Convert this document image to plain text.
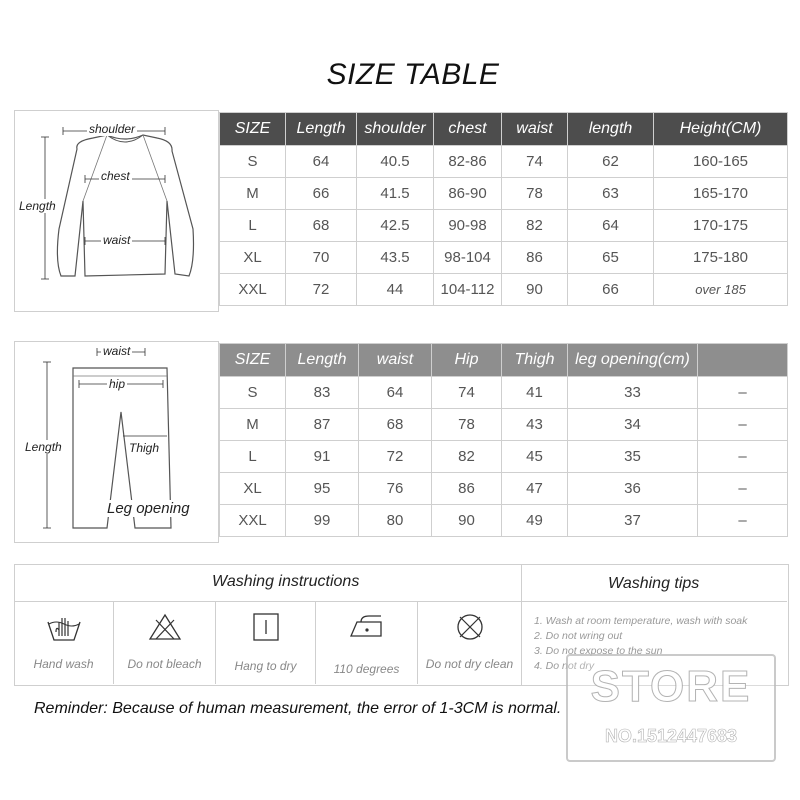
SIZE TABLE
shoulder
chest
Length
waist
SIZE	Length	shoulder	chest	waist	length	Height(CM)
S	64	40.5	82-86	74	62	160-165
M	66	41.5	86-90	78	63	165-170
L	68	42.5	90-98	82	64	170-175
XL	70	43.5	98-104	86	65	175-180
XXL	72	44	104-112	90	66	over 185
waist
hip
Length	Thigh
Leg opening
SIZE	Length	waist	Hip	Thigh	leg opening(cm)	
S	83	64	74	41	33	–
M	87	68	78	43	34	–
L	91	72	82	45	35	–
XL	95	76	86	47	36	–
XXL	99	80	90	49	37	–
Washing instructions	Washing tips
Hand wash	Do not bleach	Hang to dry	110 degrees	Do not dry clean
1. Wash at room temperature, wash with soak
2. Do not wring out
3. Do not expose to the sun
4. Do not dry
Reminder: Because of human measurement, the error of 1-3CM is normal. STORE
NO.1512447683
